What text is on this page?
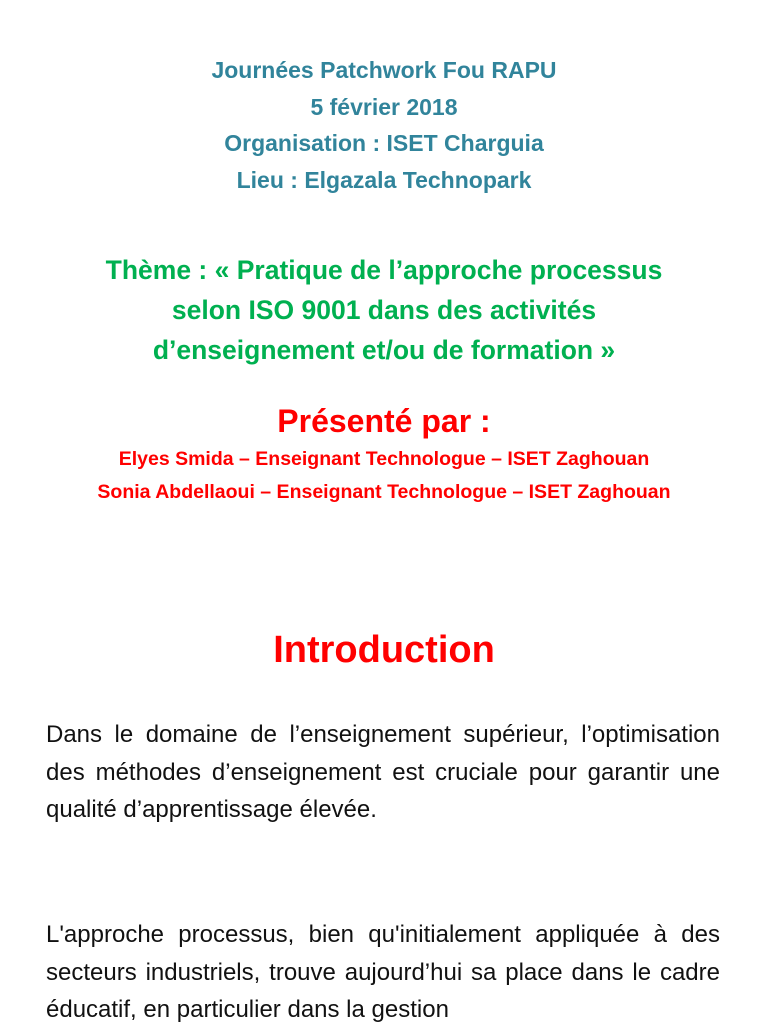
Journées Patchwork Fou RAPU
5 février 2018
Organisation : ISET Charguia
Lieu : Elgazala Technopark
Thème : « Pratique de l’approche processus
selon ISO 9001 dans des activités
d’enseignement et/ou de formation »
Présenté par :
Elyes Smida – Enseignant Technologue – ISET Zaghouan
Sonia Abdellaoui – Enseignant Technologue – ISET Zaghouan
Introduction

Dans le domaine de l’enseignement supérieur, l’optimisation des méthodes d’enseignement est cruciale pour garantir une qualité d’apprentissage élevée.

L'approche processus, bien qu'initialement appliquée à des secteurs industriels, trouve aujourd’hui sa place dans le cadre éducatif, en particulier dans la gestion
